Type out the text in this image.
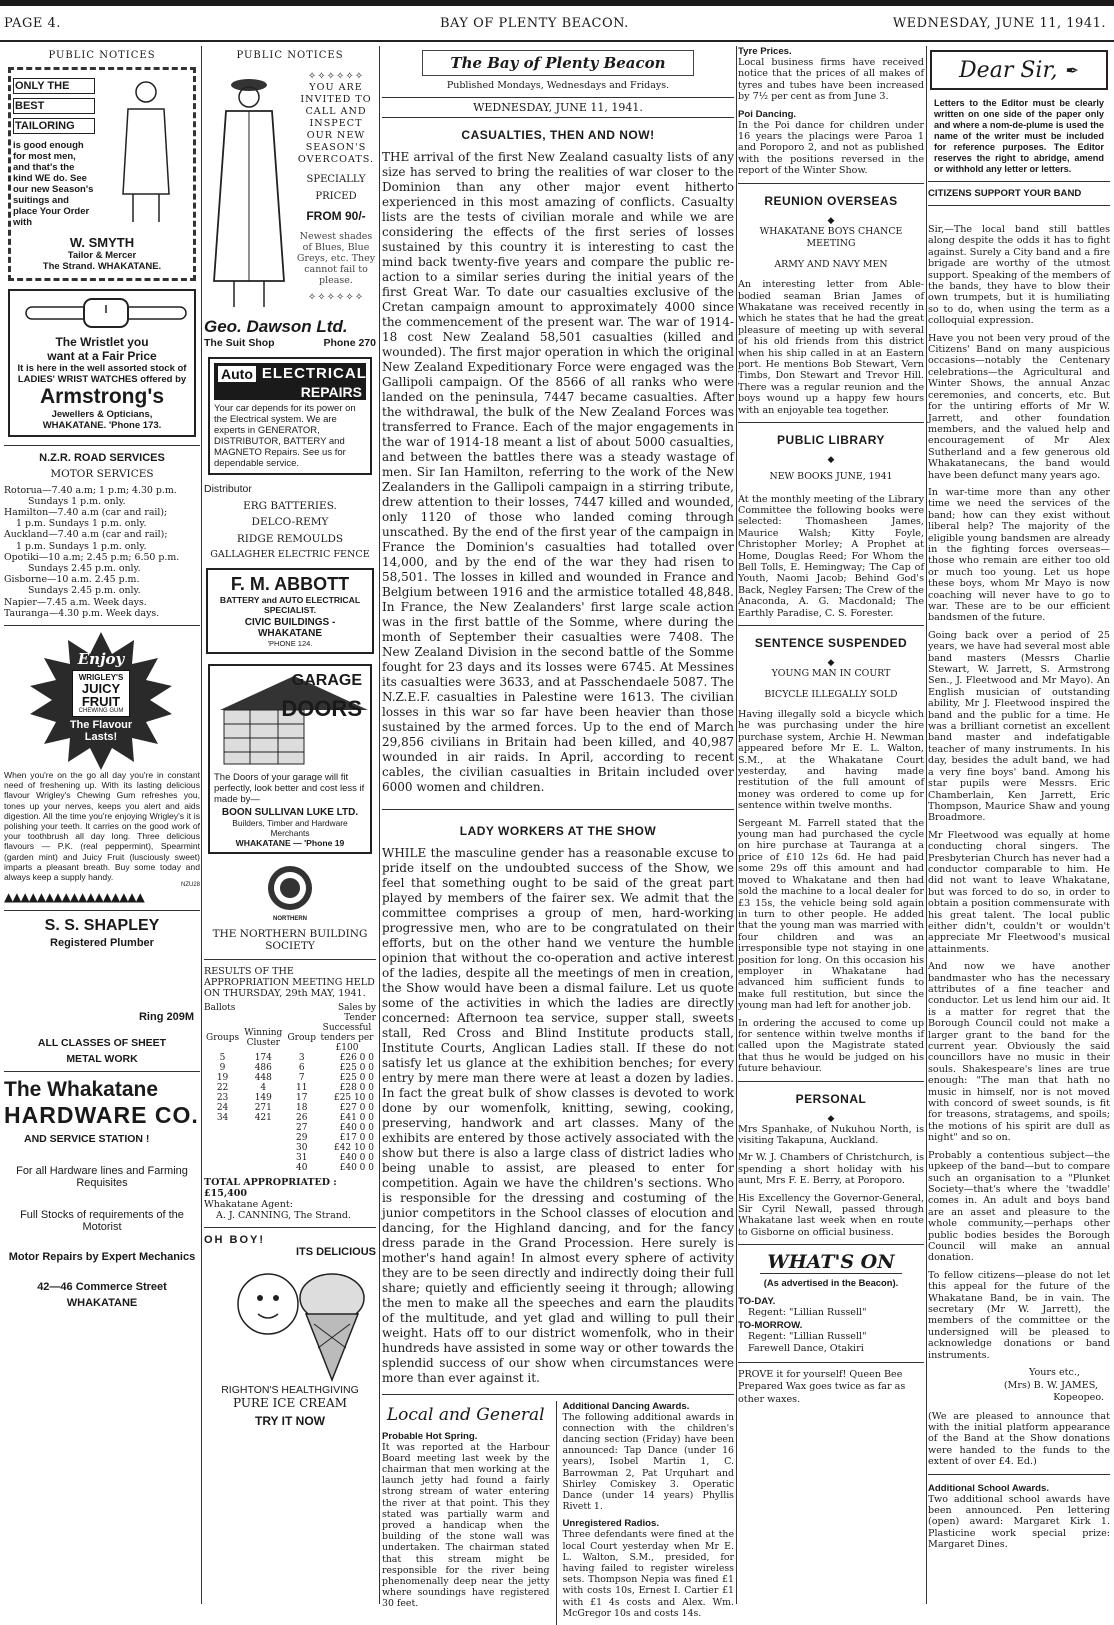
PAGE 4.	BAY OF PLENTY BEACON.	WEDNESDAY, JUNE 11, 1941.
PUBLIC NOTICES
ONLY THE
BEST
TAILORING
is good enough for most men, and that's the kind WE do. See our new Season's suitings and place Your Order with
W. SMYTH
Tailor & Mercer
The Strand. WHAKATANE.
The Wristlet you
want at a Fair Price
It is here in the well assorted stock of LADIES' WRIST WATCHES offered by
Armstrong's
Jewellers & Opticians,
WHAKATANE. 'Phone 173.
N.Z.R. ROAD SERVICES
MOTOR SERVICES
Rotorua—7.40 a.m; 1 p.m; 4.30 p.m.
Sundays 1 p.m. only.
Hamilton—7.40 a.m (car and rail);
1 p.m. Sundays 1 p.m. only.
Auckland—7.40 a.m (car and rail);
1 p.m. Sundays 1 p.m. only.
Opotiki—10 a.m; 2.45 p.m; 6.50 p.m.
Sundays 2.45 p.m. only.
Gisborne—10 a.m. 2.45 p.m.
Sundays 2.45 p.m. only.
Napier—7.45 a.m. Week days.
Tauranga—4.30 p.m. Week days.
Enjoy
WRIGLEY'S
JUICY
FRUIT
CHEWING GUM
The Flavour
Lasts!
When you're on the go all day you're in constant need of freshening up. With its lasting delicious flavour Wrigley's Chewing Gum refreshes you, tones up your nerves, keeps you alert and aids digestion. All the time you're enjoying Wrigley's it is polishing your teeth. It carries on the good work of your toothbrush all day long. Three delicious flavours — P.K. (real peppermint), Spearmint (garden mint) and Juicy Fruit (lusciously sweet) imparts a pleasant breath. Buy some today and always keep a supply handy.
NZU28
▲▲▲▲▲▲▲▲▲▲▲▲▲▲▲▲▲
S. S. SHAPLEY
Registered Plumber
Ring 209M
ALL CLASSES OF SHEET
METAL WORK
The Whakatane
HARDWARE CO.
AND SERVICE STATION !
For all Hardware lines and Farming Requisites
Full Stocks of requirements of the Motorist
Motor Repairs by Expert Mechanics
42—46 Commerce Street
WHAKATANE
PUBLIC NOTICES
✧✧✧✧✧✧
YOU ARE INVITED TO CALL AND INSPECT OUR NEW SEASON'S OVERCOATS.
SPECIALLY
PRICED
FROM 90/-
Newest shades of Blues, Blue Greys, etc. They cannot fail to please.
✧✧✧✧✧✧
Geo. Dawson Ltd.
The Suit Shop	Phone 270
Auto ELECTRICAL
REPAIRS
Your car depends for its power on the Electrical system. We are experts in GENERATOR, DISTRIBUTOR, BATTERY and MAGNETO Repairs. See us for dependable service.
Distributor
ERG BATTERIES.
DELCO-REMY
RIDGE REMOULDS
GALLAGHER ELECTRIC FENCE
F. M. ABBOTT
BATTERY and AUTO ELECTRICAL SPECIALIST.
CIVIC BUILDINGS - WHAKATANE
'PHONE 124.
GARAGE
DOORS
The Doors of your garage will fit perfectly, look better and cost less if made by—
BOON SULLIVAN LUKE LTD.
Builders, Timber and Hardware Merchants
WHAKATANE — 'Phone 19
NORTHERN
THE NORTHERN BUILDING
SOCIETY
RESULTS OF THE APPROPRIATION MEETING HELD ON THURSDAY, 29th MAY, 1941.
Ballots	Sales by
Tender
Groups	Winning Cluster	Group	Successful tenders per £100
5	174	3	£26 0 0
9	486	6	£25 0 0
19	448	7	£25 0 0
22	4	11	£28 0 0
23	149	17	£25 10 0
24	271	18	£27 0 0
34	421	26	£41 0 0
		27	£40 0 0
		29	£17 0 0
		30	£42 10 0
		31	£40 0 0
		40	£40 0 0
TOTAL APPROPRIATED : £15,400
Whakatane Agent:
A. J. CANNING, The Strand.
OH BOY!
ITS DELICIOUS
RIGHTON'S HEALTHGIVING
PURE ICE CREAM
TRY IT NOW
The Bay of Plenty Beacon
Published Mondays, Wednesdays and Fridays.
WEDNESDAY, JUNE 11, 1941.
CASUALTIES, THEN AND NOW!

THE arrival of the first New Zealand casualty lists of any size has served to bring the realities of war closer to the Dominion than any other major event hitherto experienced in this most amazing of conflicts. Casualty lists are the tests of civilian morale and while we are considering the effects of the first series of losses sustained by this country it is interesting to cast the mind back twenty-five years and compare the public re-action to a similar series during the initial years of the first Great War. To date our casualties exclusive of the Cretan campaign amount to approximately 4000 since the commencement of the present war. The war of 1914-18 cost New Zealand 58,501 casualties (killed and wounded). The first major operation in which the original New Zealand Expeditionary Force were engaged was the Gallipoli campaign. Of the 8566 of all ranks who were landed on the peninsula, 7447 became casualties. After the withdrawal, the bulk of the New Zealand Forces was transferred to France. Each of the major engagements in the war of 1914-18 meant a list of about 5000 casualties, and between the battles there was a steady wastage of men. Sir Ian Hamilton, referring to the work of the New Zealanders in the Gallipoli campaign in a stirring tribute, drew attention to their losses, 7447 killed and wounded, only 1120 of those who landed coming through unscathed. By the end of the first year of the campaign in France the Dominion's casualties had totalled over 14,000, and by the end of the war they had risen to 58,501. The losses in killed and wounded in France and Belgium between 1916 and the armistice totalled 48,848. In France, the New Zealanders' first large scale action was in the first battle of the Somme, where during the month of September their casualties were 7408. The New Zealand Division in the second battle of the Somme fought for 23 days and its losses were 6745. At Messines its casualties were 3633, and at Passchendaele 5087. The N.Z.E.F. casualties in Palestine were 1613. The civilian losses in this war so far have been heavier than those sustained by the armed forces. Up to the end of March 29,856 civilians in Britain had been killed, and 40,987 wounded in air raids. In April, according to recent cables, the civilian casualties in Britain included over 6000 women and children.

LADY WORKERS AT THE SHOW

WHILE the masculine gender has a reasonable excuse to pride itself on the undoubted success of the Show, we feel that something ought to be said of the great part played by members of the fairer sex. We admit that the committee comprises a group of men, hard-working progressive men, who are to be congratulated on their efforts, but on the other hand we venture the humble opinion that without the co-operation and active interest of the ladies, despite all the meetings of men in creation, the Show would have been a dismal failure. Let us quote some of the activities in which the ladies are directly concerned: Afternoon tea service, supper stall, sweets stall, Red Cross and Blind Institute products stall, Institute Courts, Anglican Ladies stall. If these do not satisfy let us glance at the exhibition benches; for every entry by mere man there were at least a dozen by ladies. In fact the great bulk of show classes is devoted to work done by our womenfolk, knitting, sewing, cooking, preserving, handwork and art classes. Many of the exhibits are entered by those actively associated with the show but there is also a large class of district ladies who being unable to assist, are pleased to enter for competition. Again we have the children's sections. Who is responsible for the dressing and costuming of the junior competitors in the School classes of elocution and dancing, for the Highland dancing, and for the fancy dress parade in the Grand Procession. Here surely is mother's hand again! In almost every sphere of activity they are to be seen directly and indirectly doing their full share; quietly and efficiently seeing it through; allowing the men to make all the speeches and earn the plaudits of the multitude, and yet glad and willing to pull their weight. Hats off to our district womenfolk, who in their hundreds have assisted in some way or other towards the splendid success of our show when circumstances were more than ever against it.

Local and General
Probable Hot Spring.

It was reported at the Harbour Board meeting last week by the chairman that men working at the launch jetty had found a fairly strong stream of water entering the river at that point. This they stated was partially warm and proved a handicap when the building of the stone wall was undertaken. The chairman stated that this stream might be responsible for the river being phenomenally deep near the jetty where soundings have registered 30 feet.

Additional Dancing Awards.

The following additional awards in connection with the children's dancing section (Friday) have been announced: Tap Dance (under 16 years), Isobel Martin 1, C. Barrowman 2, Pat Urquhart and Shirley Comiskey 3. Operatic Dance (under 14 years) Phyllis Rivett 1.

Unregistered Radios.

Three defendants were fined at the local Court yesterday when Mr E. L. Walton, S.M., presided, for having failed to register wireless sets. Thompson Nepia was fined £1 with costs 10s, Ernest I. Cartier £1 with £1 4s costs and Alex. Wm. McGregor 10s and costs 14s.

Tyre Prices.

Local business firms have received notice that the prices of all makes of tyres and tubes have been increased by 7½ per cent as from June 3.

Poi Dancing.

In the Poi dance for children under 16 years the placings were Paroa 1 and Poroporo 2, and not as published with the positions reversed in the report of the Winter Show.

REUNION OVERSEAS
◆
WHAKATANE BOYS CHANCE MEETING
ARMY AND NAVY MEN

An interesting letter from Able-bodied seaman Brian James of Whakatane was received recently in which he states that he had the great pleasure of meeting up with several of his old friends from this district when his ship called in at an Eastern port. He mentions Bob Stewart, Vern Timbs, Don Stewart and Trevor Hill. There was a regular reunion and the boys wound up a happy few hours with an enjoyable tea together.

PUBLIC LIBRARY
◆
NEW BOOKS JUNE, 1941

At the monthly meeting of the Library Committee the following books were selected: Thomasheen James, Maurice Walsh; Kitty Foyle, Christopher Morley; A Prophet at Home, Douglas Reed; For Whom the Bell Tolls, E. Hemingway; The Cap of Youth, Naomi Jacob; Behind God's Back, Negley Farsen; The Crew of the Anaconda, A. G. Macdonald; The Earthly Paradise, C. S. Forester.

SENTENCE SUSPENDED
◆
YOUNG MAN IN COURT
BICYCLE ILLEGALLY SOLD

Having illegally sold a bicycle which he was purchasing under the hire purchase system, Archie H. Newman appeared before Mr E. L. Walton, S.M., at the Whakatane Court yesterday, and having made restitution of the full amount of money was ordered to come up for sentence within twelve months.

Sergeant M. Farrell stated that the young man had purchased the cycle on hire purchase at Tauranga at a price of £10 12s 6d. He had paid some 29s off this amount and had moved to Whakatane and then had sold the machine to a local dealer for £3 15s, the vehicle being sold again in turn to other people. He added that the young man was married with four children and was an irresponsible type not staying in one position for long. On this occasion his employer in Whakatane had advanced him sufficient funds to make full restitution, but since the young man had left for another job.

In ordering the accused to come up for sentence within twelve months if called upon the Magistrate stated that thus he would be judged on his future behaviour.

PERSONAL
◆

Mrs Spanhake, of Nukuhou North, is visiting Takapuna, Auckland.

Mr W. J. Chambers of Christchurch, is spending a short holiday with his aunt, Mrs F. E. Berry, at Poroporo.

His Excellency the Governor-General, Sir Cyril Newall, passed through Whakatane last week when en route to Gisborne on official business.

WHAT'S ON
(As advertised in the Beacon).
TO-DAY.
Regent: "Lillian Russell"
TO-MORROW.
Regent: "Lillian Russell"
Farewell Dance, Otakiri
PROVE it for yourself! Queen Bee Prepared Wax goes twice as far as other waxes.
Dear Sir, ✒
Letters to the Editor must be clearly written on one side of the paper only and where a nom-de-plume is used the name of the writer must be included for reference purposes. The Editor reserves the right to abridge, amend or withhold any letter or letters.
CITIZENS SUPPORT YOUR BAND

Sir,—The local band still battles along despite the odds it has to fight against. Surely a City band and a fire brigade are worthy of the utmost support. Speaking of the members of the bands, they have to blow their own trumpets, but it is humiliating so to do, when using the term as a colloquial expression.

Have you not been very proud of the Citizens' Band on many auspicious occasions—notably the Centenary celebrations—the Agricultural and Winter Shows, the annual Anzac ceremonies, and concerts, etc. But for the untiring efforts of Mr W. Jarrett, and other foundation members, and the valued help and encouragement of Mr Alex Sutherland and a few generous old Whakatanecans, the band would have been defunct many years ago.

In war-time more than any other time we need the services of the band; how can they exist without liberal help? The majority of the eligible young bandsmen are already in the fighting forces overseas—those who remain are either too old or much too young. Let us hope these boys, whom Mr Mayo is now coaching will never have to go to war. These are to be our efficient bandsmen of the future.

Going back over a period of 25 years, we have had several most able band masters (Messrs Charlie Stewart, W. Jarrett, S. Armstrong Sen., J. Fleetwood and Mr Mayo). An English musician of outstanding ability, Mr J. Fleetwood inspired the band and the public for a time. He was a brilliant cornetist an excellent band master and indefatigable teacher of many instruments. In his day, besides the adult band, we had a very fine boys' band. Among his star pupils were Messrs. Eric Chamberlain, Ken Jarrett, Eric Thompson, Maurice Shaw and young Broadmore.

Mr Fleetwood was equally at home conducting choral singers. The Presbyterian Church has never had a conductor comparable to him. He did not want to leave Whakatane, but was forced to do so, in order to obtain a position commensurate with his great talent. The local public either didn't, couldn't or wouldn't appreciate Mr Fleetwood's musical attainments.

And now we have another bandmaster who has the necessary attributes of a fine teacher and conductor. Let us lend him our aid. It is a matter for regret that the Borough Council could not make a larger grant to the band for the current year. Obviously the said councillors have no music in their souls. Shakespeare's lines are true enough: "The man that hath no music in himself, nor is not moved with concord of sweet sounds, is fit for treasons, stratagems, and spoils; the motions of his spirit are dull as night" and so on.

Probably a contentious subject—the upkeep of the band—but to compare such an organisation to a "Plunket Society—that's where the 'twaddle' comes in. An adult and boys band are an asset and pleasure to the whole community,—perhaps other public bodies besides the Borough Council will make an annual donation.

To fellow citizens—please do not let this appeal for the future of the Whakatane Band, be in vain. The secretary (Mr W. Jarrett), the members of the committee or the undersigned will be pleased to acknowledge donations or band instruments.

Yours etc.,
(Mrs) B. W. JAMES,
Kopeopeo.

(We are pleased to announce that with the initial platform appearance of the Band at the Show donations were handed to the funds to the extent of over £4. Ed.)

Additional School Awards.

Two additional school awards have been announced. Pen lettering (open) award: Margaret Kirk 1. Plasticine work special prize: Margaret Dines.
